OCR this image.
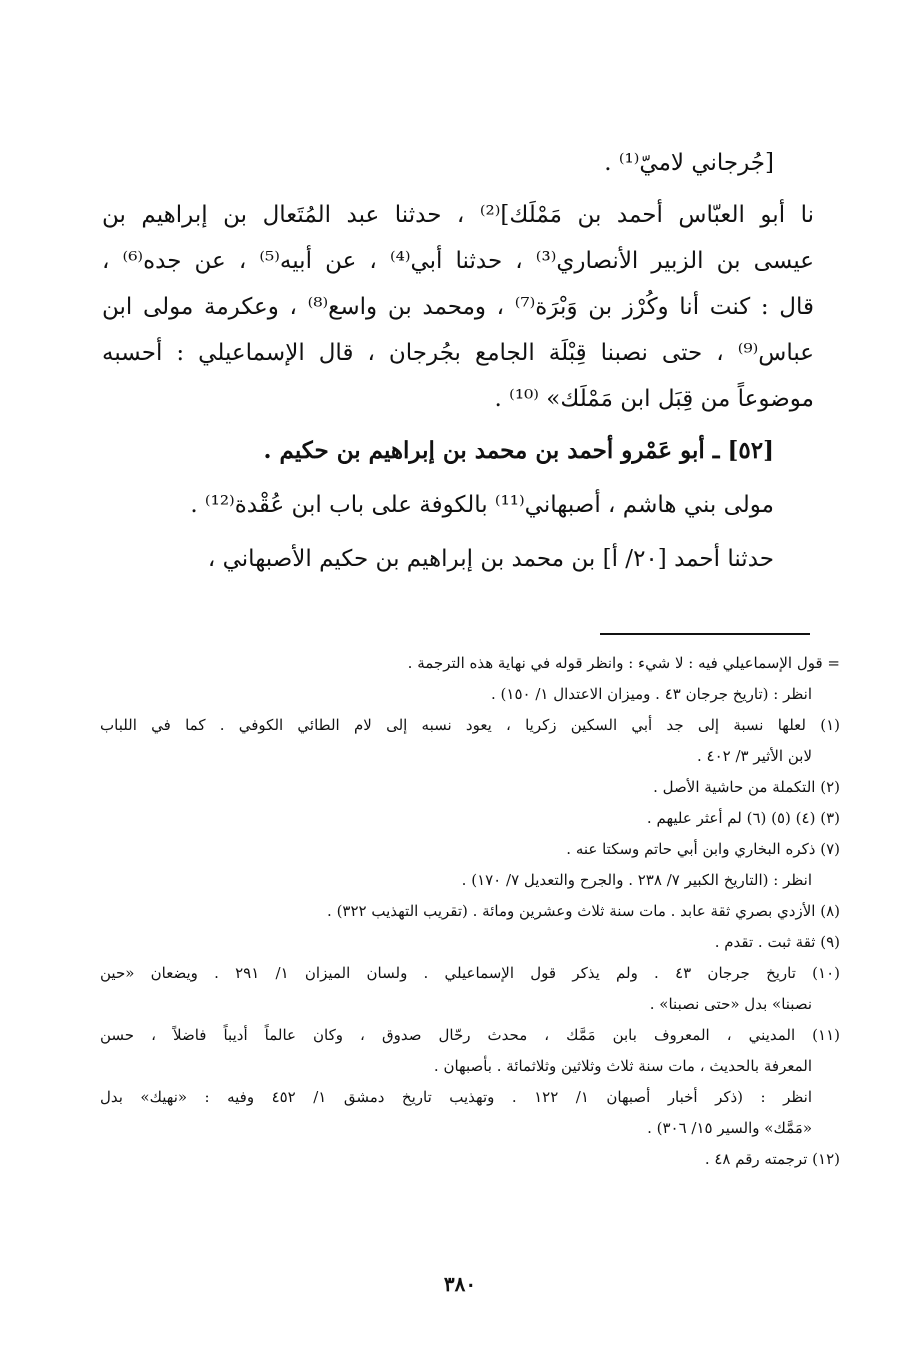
[جُرجاني لاميّ⁽¹⁾ .

نا أبو العبّاس أحمد بن مَمْلَك]⁽²⁾ ، حدثنا عبد المُتَعال بن إبراهيم بن

عيسى بن الزبير الأنصاري⁽³⁾ ، حدثنا أبي⁽⁴⁾ ، عن أبيه⁽⁵⁾ ، عن جده⁽⁶⁾ ،

قال : كنت أنا وكُرْز بن وَبْرَة⁽⁷⁾ ، ومحمد بن واسع⁽⁸⁾ ، وعكرمة مولى ابن

عباس⁽⁹⁾ ، حتى نصبنا قِبْلَة الجامع بجُرجان ، قال الإسماعيلي : أحسبه

موضوعاً من قِبَل ابن مَمْلَك» ⁽¹⁰⁾ .

[٥٢] ـ أبو عَمْرو أحمد بن محمد بن إبراهيم بن حكيم .

مولى بني هاشم ، أصبهاني⁽¹¹⁾ بالكوفة على باب ابن عُقْدة⁽¹²⁾ .

حدثنا أحمد [٢٠/ أ] بن محمد بن إبراهيم بن حكيم الأصبهاني ،

= قول الإسماعيلي فيه : لا شيء : وانظر قوله في نهاية هذه الترجمة .

انظر : (تاريخ جرجان ٤٣ . وميزان الاعتدال ١/ ١٥٠) .

(١) لعلها نسبة إلى جد أبي السكين زكريا ، يعود نسبه إلى لام الطائي الكوفي . كما في اللباب

لابن الأثير ٣/ ٤٠٢ .

(٢) التكملة من حاشية الأصل .

(٣) (٤) (٥) (٦) لم أعثر عليهم .

(٧) ذكره البخاري وابن أبي حاتم وسكتا عنه .

انظر : (التاريخ الكبير ٧/ ٢٣٨ . والجرح والتعديل ٧/ ١٧٠) .

(٨) الأزدي بصري ثقة عابد . مات سنة ثلاث وعشرين ومائة . (تقريب التهذيب ٣٢٢) .

(٩) ثقة ثبت . تقدم .

(١٠) تاريخ جرجان ٤٣ . ولم يذكر قول الإسماعيلي . ولسان الميزان ١/ ٢٩١ . ويضعان «حين

نصبنا» بدل «حتى نصبنا» .

(١١) المديني ، المعروف بابن مَمَّك ، محدث رحّال صدوق ، وكان عالماً أديباً فاضلاً ، حسن

المعرفة بالحديث ، مات سنة ثلاث وثلاثين وثلاثمائة . بأصبهان .

انظر : (ذكر أخبار أصبهان ١/ ١٢٢ . وتهذيب تاريخ دمشق ١/ ٤٥٢ وفيه : «نهيك» بدل

«مَمَّك» والسير ١٥/ ٣٠٦) .

(١٢) ترجمته رقم ٤٨ .

٣٨٠
